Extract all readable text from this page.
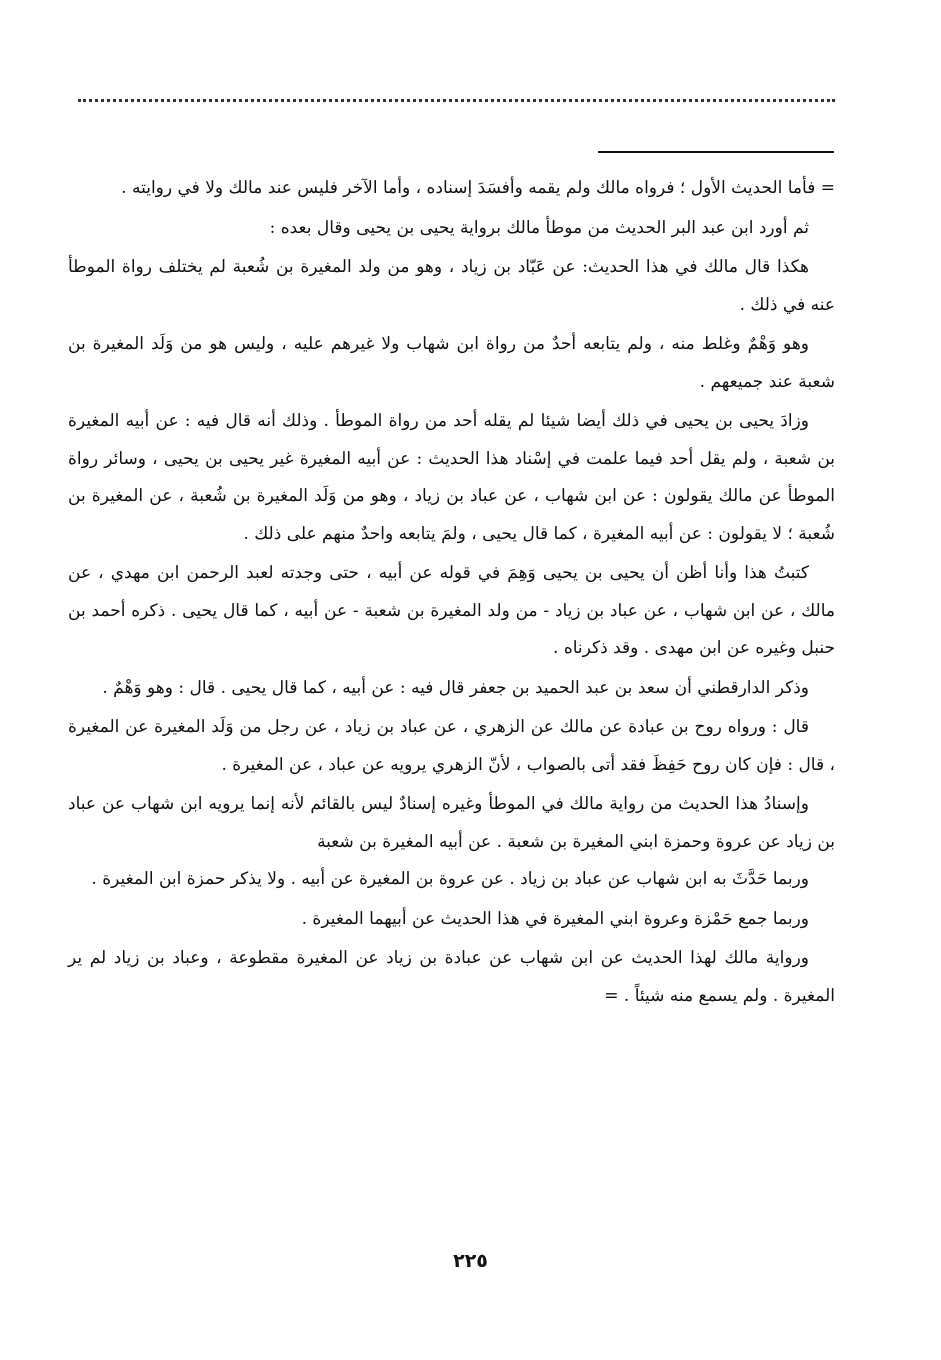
= فأما الحديث الأول ؛ فرواه مالك ولم يقمه وأفسَدَ إسناده ، وأما الآخر فليس عند مالك ولا في روايته .

ثم أورد ابن عبد البر الحديث من موطأ مالك برواية يحيى بن يحيى وقال بعده :

هكذا قال مالك في هذا الحديث: عن عَبّاد بن زياد ، وهو من ولد المغيرة بن شُعبة لم يختلف رواة الموطأ عنه في ذلك .

وهو وَهْمٌ وغلط منه ، ولم يتابعه أحدٌ من رواة ابن شهاب ولا غيرهم عليه ، وليس هو من وَلَد المغيرة بن شعبة عند جميعهم .

وزادَ يحيى بن يحيى في ذلك أيضا شيئا لم يقله أحد من رواة الموطأ . وذلك أنه قال فيه : عن أبيه المغيرة بن شعبة ، ولم يقل أحد فيما علمت في إسْناد هذا الحديث : عن أبيه المغيرة غير يحيى بن يحيى ، وسائر رواة الموطأ عن مالك يقولون : عن ابن شهاب ، عن عباد بن زياد ، وهو من وَلَد المغيرة بن شُعبة ، عن المغيرة بن شُعبة ؛ لا يقولون : عن أبيه المغيرة ، كما قال يحيى ، ولمَ يتابعه واحدٌ منهم على ذلك .

كتبتُ هذا وأنا أظن أن يحيى بن يحيى وَهِمَ في قوله عن أبيه ، حتى وجدته لعبد الرحمن ابن مهدي ، عن مالك ، عن ابن شهاب ، عن عباد بن زياد - من ولد المغيرة بن شعبة - عن أبيه ، كما قال يحيى . ذكره أحمد بن حنبل وغيره عن ابن مهدى . وقد ذكرناه .

وذكر الدارقطني أن سعد بن عبد الحميد بن جعفر قال فيه : عن أبيه ، كما قال يحيى . قال : وهو وَهْمٌ .

قال : ورواه روح بن عبادة عن مالك عن الزهري ، عن عباد بن زياد ، عن رجل من وَلَد المغيرة عن المغيرة ، قال : فإن كان روح حَفِظَ فقد أتى بالصواب ، لأنّ الزهري يرويه عن عباد ، عن المغيرة .

وإسنادُ هذا الحديث من رواية مالك في الموطأ وغيره إسنادٌ ليس بالقائم لأنه إنما يرويه ابن شهاب عن عباد بن زياد عن عروة وحمزة ابني المغيرة بن شعبة . عن أبيه المغيرة بن شعبة

وربما حَدَّثَ به ابن شهاب عن عباد بن زياد . عن عروة بن المغيرة عن أبيه . ولا يذكر حمزة ابن المغيرة .

وربما جمع حَمْزة وعروة ابني المغيرة في هذا الحديث عن أبيهما المغيرة .

ورواية مالك لهذا الحديث عن ابن شهاب عن عبادة بن زياد عن المغيرة مقطوعة ، وعباد بن زياد لم ير المغيرة . ولم يسمع منه شيئاً . =

٢٢٥
